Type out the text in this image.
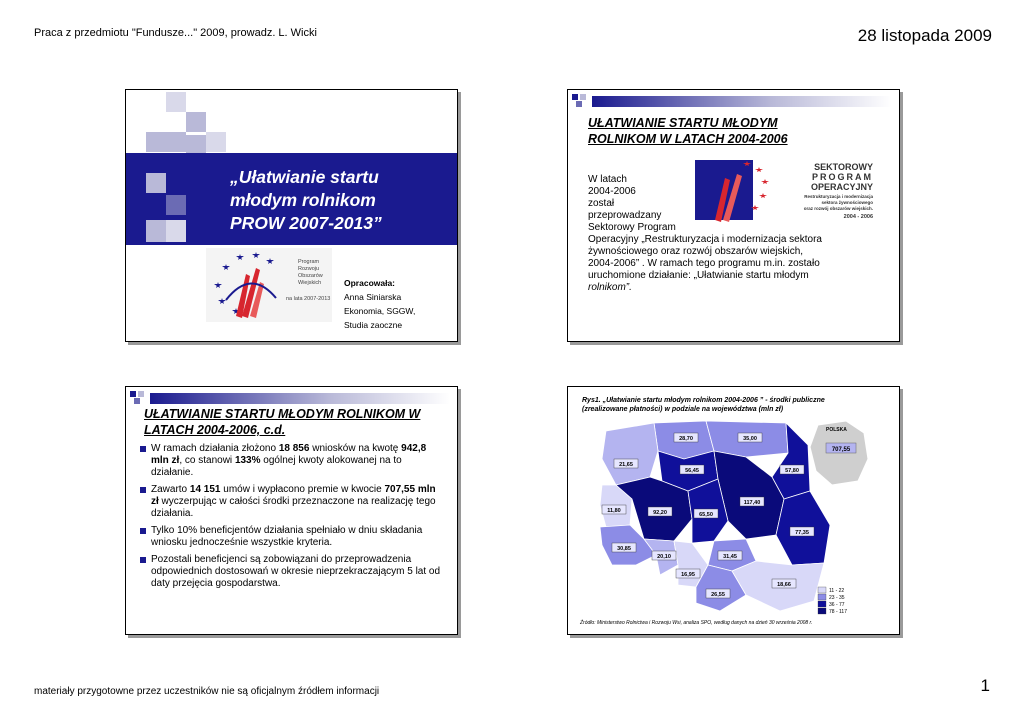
Praca z przedmiotu "Fundusze..." 2009, prowadz. L. Wicki	28 listopada 2009
„Ułatwianie startu
młodym rolnikom
PROW 2007-2013”
Program
Rozwoju
Obszarów
Wiejskich
na lata 2007-2013
Opracowała:
Anna Siniarska
Ekonomia, SGGW,
Studia zaoczne
UŁATWIANIE STARTU MŁODYM
ROLNIKOM W LATACH 2004-2006
SEKTOROWY
PROGRAM
OPERACYJNY
Restrukturyzacja i modernizacja
sektora żywnościowego
oraz rozwój obszarów wiejskich.
2004 - 2006
W latach
2004-2006
został
przeprowadzany
Sektorowy Program
Operacyjny „Restrukturyzacja i modernizacja sektora
żywnościowego oraz rozwój obszarów wiejskich,
2004-2006” . W ramach tego programu m.in. zostało
uruchomione działanie: „Ułatwianie startu młodym
rolnikom”.
UŁATWIANIE STARTU MŁODYM ROLNIKOM W
LATACH 2004-2006, c.d.
W ramach działania złożono 18 856 wniosków na kwotę 942,8 mln zł, co stanowi 133% ogólnej kwoty alokowanej na to działanie.
Zawarto 14 151 umów i wypłacono premie w kwocie 707,55 mln zł wyczerpując w całości środki przeznaczone na realizację tego działania.
Tylko 10% beneficjentów działania spełniało w dniu składania wniosku jednocześnie wszystkie kryteria.
Pozostali beneficjenci są zobowiązani do przeprowadzenia odpowiednich dostosowań w okresie nieprzekraczającym 5 lat od daty przejęcia gospodarstwa.
Rys1. „Ułatwianie startu młodym rolnikom 2004-2006 ” - środki publiczne
(zrealizowane płatności) w podziale na województwa (mln zł)
POLSKA
707,55
28,70	35,00
21,65
56,45	57,80
11,80	92,20
117,40
65,50
30,85
77,35
20,10	31,45
16,95
26,55
18,66
11 - 22
23 - 35
36 - 77
78 - 117
Źródło: Ministerstwo Rolnictwa i Rozwoju Wsi, analiza SPO, według danych na dzień 30 września 2008 r.
materiały przygotowne przez uczestników nie są oficjalnym źródłem informacji	1
